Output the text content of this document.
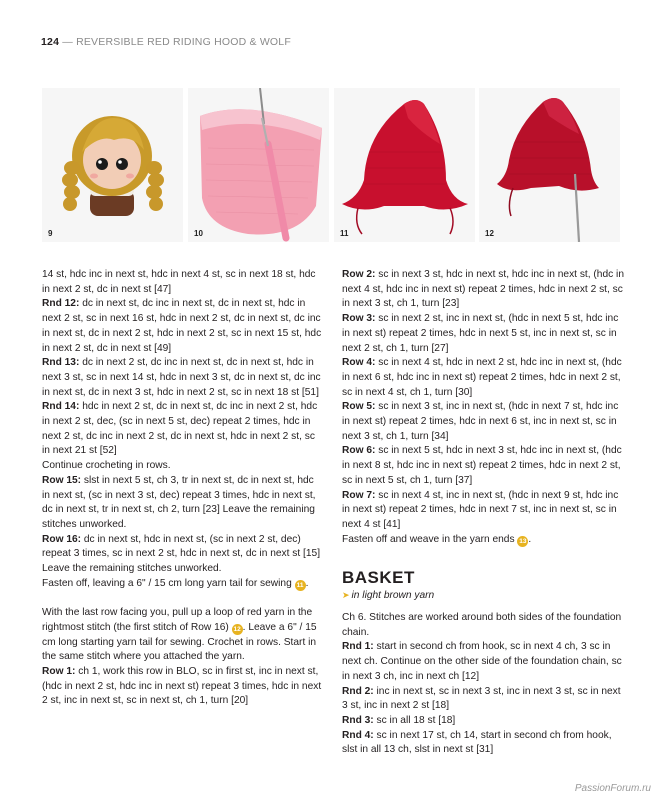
124 — REVERSIBLE RED RIDING HOOD & WOLF
9	10	11	12

14 st, hdc inc in next st, hdc in next 4 st, sc in next 18 st, hdc in next 2 st, dc in next st [47]

Rnd 12: dc in next st, dc inc in next st, dc in next st, hdc in next 2 st, sc in next 16 st, hdc in next 2 st, dc in next st, dc inc in next st, dc in next 2 st, hdc in next 2 st, sc in next 15 st, hdc in next 2 st, dc in next st [49]

Rnd 13: dc in next 2 st, dc inc in next st, dc in next st, hdc in next 3 st, sc in next 14 st, hdc in next 3 st, dc in next st, dc inc in next st, dc in next 3 st, hdc in next 2 st, sc in next 18 st [51]

Rnd 14: hdc in next 2 st, dc in next st, dc inc in next 2 st, hdc in next 2 st, dec, (sc in next 5 st, dec) repeat 2 times, hdc in next 2 st, dc inc in next 2 st, dc in next st, hdc in next 2 st, sc in next 21 st [52]

Continue crocheting in rows.

Row 15: slst in next 5 st, ch 3, tr in next st, dc in next st, hdc in next st, (sc in next 3 st, dec) repeat 3 times, hdc in next st, dc in next st, tr in next st, ch 2, turn [23] Leave the remaining stitches unworked.

Row 16: dc in next st, hdc in next st, (sc in next 2 st, dec) repeat 3 times, sc in next 2 st, hdc in next st, dc in next st [15] Leave the remaining stitches unworked.

Fasten off, leaving a 6" / 15 cm long yarn tail for sewing 11 .

With the last row facing you, pull up a loop of red yarn in the rightmost stitch (the first stitch of Row 16) 12 . Leave a 6" / 15 cm long starting yarn tail for sewing. Crochet in rows. Start in the same stitch where you attached the yarn.

Row 1: ch 1, work this row in BLO, sc in first st, inc in next st, (hdc in next 2 st, hdc inc in next st) repeat 3 times, hdc in next 2 st, inc in next st, sc in next st, ch 1, turn [20]

Row 2: sc in next 3 st, hdc in next st, hdc inc in next st, (hdc in next 4 st, hdc inc in next st) repeat 2 times, hdc in next 2 st, sc in next 3 st, ch 1, turn [23]

Row 3: sc in next 2 st, inc in next st, (hdc in next 5 st, hdc inc in next st) repeat 2 times, hdc in next 5 st, inc in next st, sc in next 2 st, ch 1, turn [27]

Row 4: sc in next 4 st, hdc in next 2 st, hdc inc in next st, (hdc in next 6 st, hdc inc in next st) repeat 2 times, hdc in next 2 st, sc in next 4 st, ch 1, turn [30]

Row 5: sc in next 3 st, inc in next st, (hdc in next 7 st, hdc inc in next st) repeat 2 times, hdc in next 6 st, inc in next st, sc in next 3 st, ch 1, turn [34]

Row 6: sc in next 5 st, hdc in next 3 st, hdc inc in next st, (hdc in next 8 st, hdc inc in next st) repeat 2 times, hdc in next 2 st, sc in next 5 st, ch 1, turn [37]

Row 7: sc in next 4 st, inc in next st, (hdc in next 9 st, hdc inc in next st) repeat 2 times, hdc in next 7 st, inc in next st, sc in next 4 st [41]

Fasten off and weave in the yarn ends 13 .

BASKET
➤ in light brown yarn

Ch 6. Stitches are worked around both sides of the foundation chain.

Rnd 1: start in second ch from hook, sc in next 4 ch, 3 sc in next ch. Continue on the other side of the foundation chain, sc in next 3 ch, inc in next ch [12]

Rnd 2: inc in next st, sc in next 3 st, inc in next 3 st, sc in next 3 st, inc in next 2 st [18]

Rnd 3: sc in all 18 st [18]

Rnd 4: sc in next 17 st, ch 14, start in second ch from hook, slst in all 13 ch, slst in next st [31]

PassionForum.ru
